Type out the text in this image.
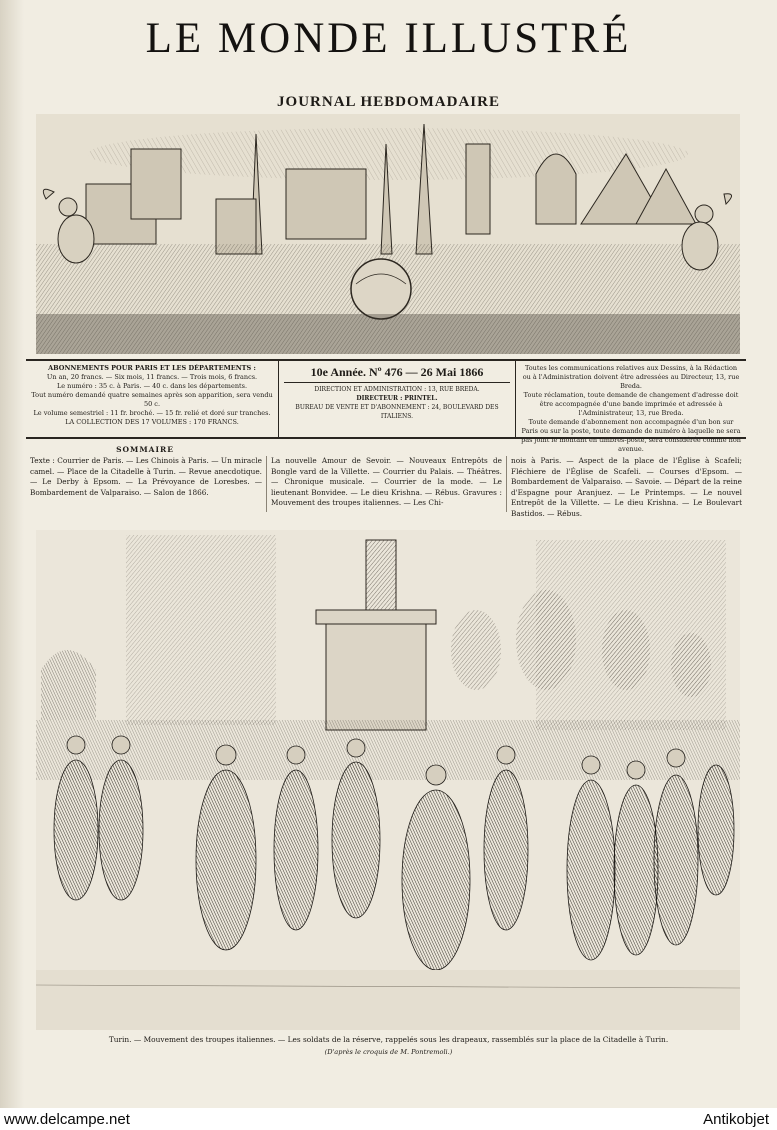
LE MONDE ILLUSTRÉ
JOURNAL HEBDOMADAIRE
ABONNEMENTS POUR PARIS ET LES DÉPARTEMENTS :
Un an, 20 francs. — Six mois, 11 francs. — Trois mois, 6 francs.
Le numéro : 35 c. à Paris. — 40 c. dans les départements.
Tout numéro demandé quatre semaines après son apparition, sera vendu 50 c.
Le volume semestriel : 11 fr. broché. — 15 fr. relié et doré sur tranches.
LA COLLECTION DES 17 VOLUMES : 170 FRANCS.
10e Année. Nº 476 — 26 Mai 1866
DIRECTION ET ADMINISTRATION : 13, RUE BREDA.
DIRECTEUR : PRINTEL.
BUREAU DE VENTE ET D'ABONNEMENT : 24, BOULEVARD DES ITALIENS.
Toutes les communications relatives aux Dessins, à la Rédaction ou à l'Administration doivent être adressées au Directeur, 13, rue Breda.
Toute réclamation, toute demande de changement d'adresse doit être accompagnée d'une bande imprimée et adressée à l'Administrateur, 13, rue Breda.
Toute demande d'abonnement non accompagnée d'un bon sur Paris ou sur la poste, toute demande de numéro à laquelle ne sera pas joint le montant en timbres-poste, sera considérée comme non avenue.
SOMMAIRE
Texte : Courrier de Paris. — Les Chinois à Paris. — Un miracle camel. — Place de la Citadelle à Turin. — Revue anecdotique. — Le Derby à Epsom. — La Prévoyance de Loresbes. — Bombardement de Valparaiso. — Salon de 1866.
La nouvelle Amour de Sevoir. — Nouveaux Entrepôts de Bongle vard de la Villette. — Courrier du Palais. — Théâtres. — Chronique musicale. — Courrier de la mode. — Le lieutenant Bonvidee. — Le dieu Krishna. — Rébus. Gravures : Mouvement des troupes italiennes. — Les Chi-
nois à Paris. — Aspect de la place de l'Église à Scafeli; Fléchiere de l'Église de Scafeli. — Courses d'Epsom. — Bombardement de Valparaiso. — Savoie. — Départ de la reine d'Espagne pour Aranjuez. — Le Printemps. — Le nouvel Entrepôt de la Villette. — Le dieu Krishna. — Le Boulevart Bastidos. — Rébus.
Turin. — Mouvement des troupes italiennes. — Les soldats de la réserve, rappelés sous les drapeaux, rassemblés sur la place de la Citadelle à Turin.
(D'après le croquis de M. Pontremoli.)
www.delcampe.net	Antikobjet
